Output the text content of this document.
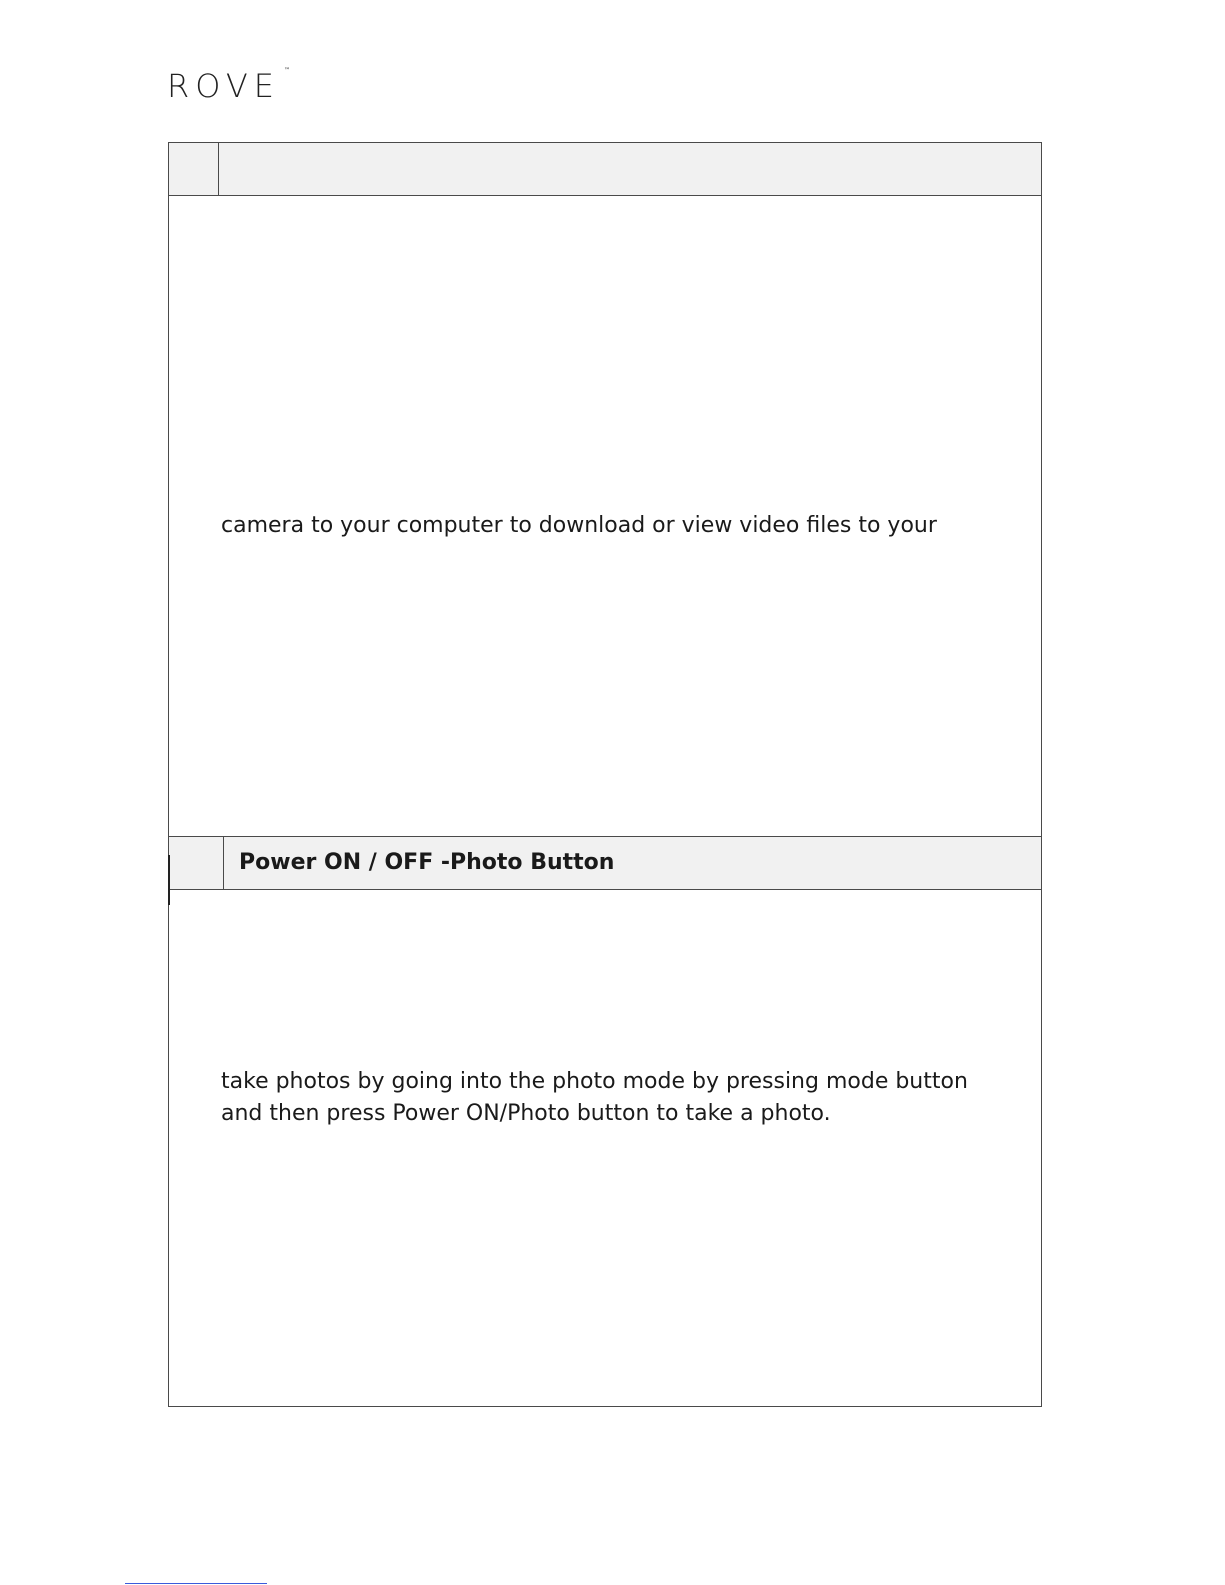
ROVE ™
camera to your computer to download or view video files to your
Power ON / OFF -Photo Button
take photos by going into the photo mode by pressing mode button
and then press Power ON/Photo button to take a photo.
